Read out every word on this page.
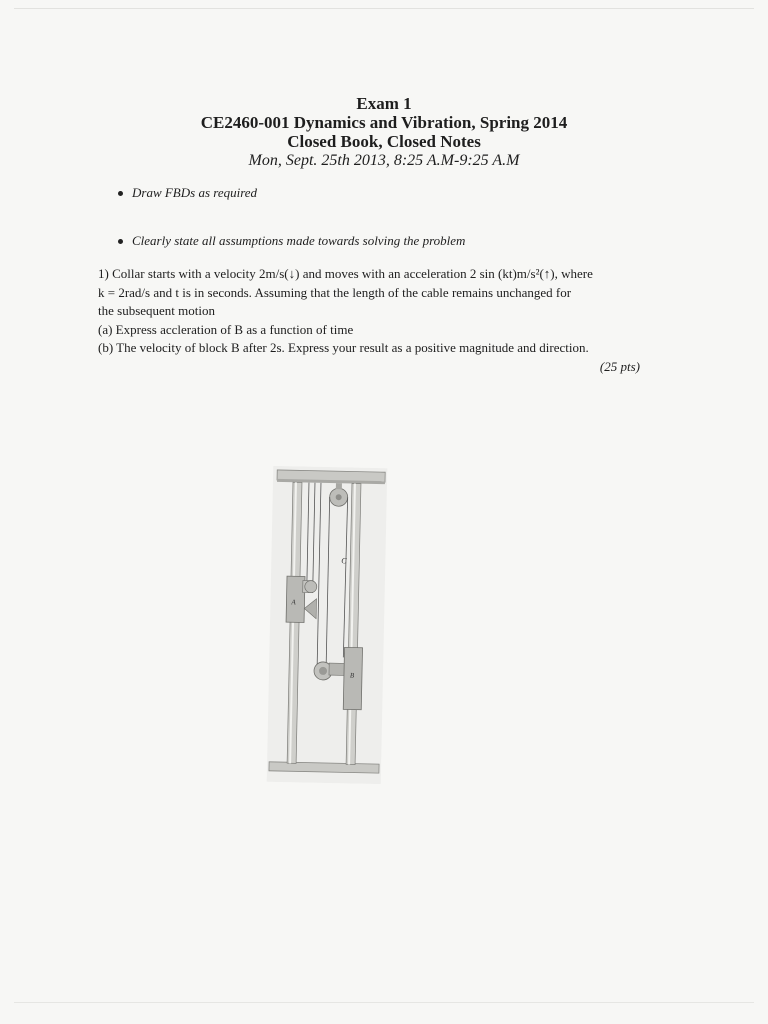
Exam 1
CE2460-001 Dynamics and Vibration, Spring 2014
Closed Book, Closed Notes
Mon, Sept. 25th 2013, 8:25 A.M-9:25 A.M
Draw FBDs as required
Clearly state all assumptions made towards solving the problem
1) Collar starts with a velocity 2m/s(↓) and moves with an acceleration 2 sin (kt)m/s²(↑), where
k = 2rad/s and t is in seconds. Assuming that the length of the cable remains unchanged for
the subsequent motion
(a) Express accleration of B as a function of time
(b) The velocity of block B after 2s. Express your result as a positive magnitude and direction.
(25 pts)
A
C
B
